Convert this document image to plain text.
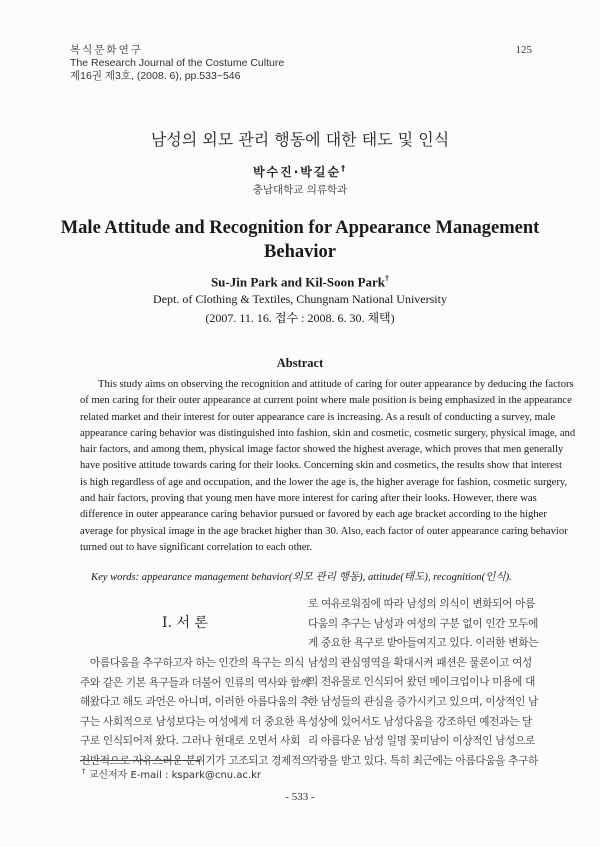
복식문화연구
The Research Journal of the Costume Culture
제16권 제3호, (2008. 6), pp.533~546
125
남성의 외모 관리 행동에 대한 태도 및 인식
박수진·박길순†
충남대학교 의류학과
Male Attitude and Recognition for Appearance Management
Behavior
Su-Jin Park and Kil-Soon Park†
Dept. of Clothing & Textiles, Chungnam National University
(2007. 11. 16. 접수 : 2008. 6. 30. 채택)
Abstract
This study aims on observing the recognition and attitude of caring for outer appearance by deducing the factors
of men caring for their outer appearance at current point where male position is being emphasized in the appearance
related market and their interest for outer appearance care is increasing. As a result of conducting a survey, male
appearance caring behavior was distinguished into fashion, skin and cosmetic, cosmetic surgery, physical image, and
hair factors, and among them, physical image factor showed the highest average, which proves that men generally
have positive attitude towards caring for their looks. Concerning skin and cosmetics, the results show that interest
is high regardless of age and occupation, and the lower the age is, the higher average for fashion, cosmetic surgery,
and hair factors, proving that young men have more interest for caring after their looks. However, there was
difference in outer appearance caring behavior pursued or favored by each age bracket according to the higher
average for physical image in the age bracket higher than 30. Also, each factor of outer appearance caring behavior
turned out to have significant correlation to each other.
Key words: appearance management behavior(외모 관리 행동), attitude(태도), recognition(인식).
I. 서 론
아름다움을 추구하고자 하는 인간의 욕구는 의식
주와 같은 기본 욕구들과 더불어 인류의 역사와 함께
해왔다고 해도 과언은 아니며, 이러한 아름다움의 추
구는 사회적으로 남성보다는 여성에게 더 중요한 욕
구로 인식되어져 왔다. 그러나 현대로 오면서 사회
전반적으로 자유스러운 분위기가 고조되고 경제적으
로 여유로워짐에 따라 남성의 의식이 변화되어 아름
다움의 추구는 남성과 여성의 구분 없이 인간 모두에
게 중요한 욕구로 받아들여지고 있다. 이러한 변화는
남성의 관심영역을 확대시켜 패션은 물론이고 여성
의 전유물로 인식되어 왔던 메이크업이나 미용에 대
한 남성들의 관심을 증가시키고 있으며, 이상적인 남
성상에 있어서도 남성다움을 강조하던 예전과는 달
리 아름다운 남성 일명 꽃미남이 이상적인 남성으로
각광을 받고 있다. 특히 최근에는 아름다움을 추구하
† 교신저자 E-mail : kspark@cnu.ac.kr
- 533 -
